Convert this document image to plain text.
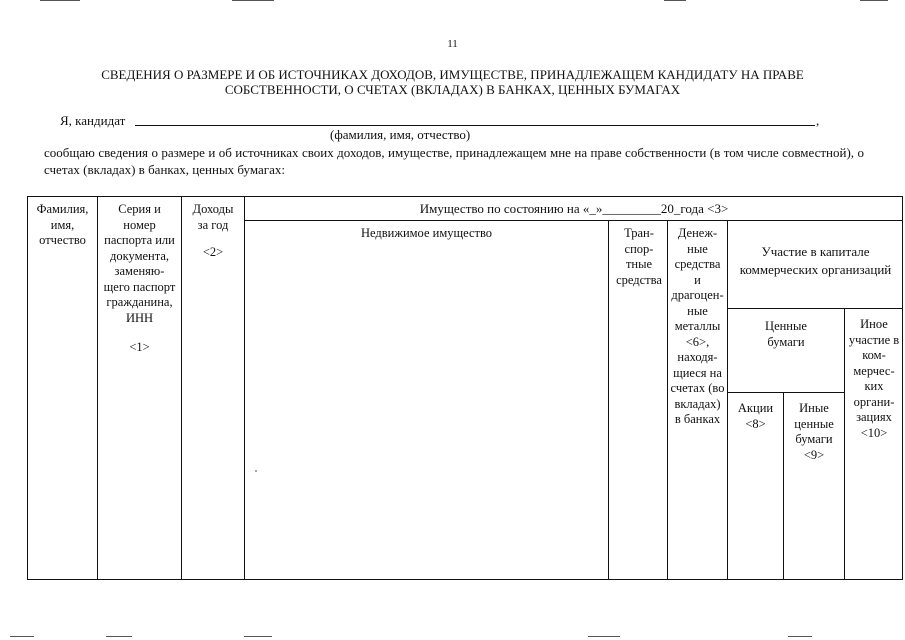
11
СВЕДЕНИЯ О РАЗМЕРЕ И ОБ ИСТОЧНИКАХ ДОХОДОВ, ИМУЩЕСТВЕ, ПРИНАДЛЕЖАЩЕМ КАНДИДАТУ НА ПРАВЕ
СОБСТВЕННОСТИ, О СЧЕТАХ (ВКЛАДАХ) В БАНКАХ, ЦЕННЫХ БУМАГАХ
Я, кандидат	,
(фамилия, имя, отчество)
сообщаю сведения о размере и об источниках своих доходов, имуществе, принадлежащем мне на праве собственности (в том числе совместной), о счетах (вкладах) в банках, ценных бумагах:
Фамилия, имя, отчество
Серия и номер паспорта или документа, заменяю-щего паспорт гражданина, ИНН
<1>
Доходы за год
<2>
Имущество по состоянию на «_»_________20_года <3>
Недвижимое имущество	Тран-спор-тные средства
Денеж-ные средства и драгоцен-ные металлы <6>, находя-щиеся на счетах (во вкладах) в банках
Участие в капитале коммерческих организаций
Ценные бумаги
Иное участие в ком-мерчес-ких органи-зациях <10>
Акции <8>
Иные ценные бумаги <9>
